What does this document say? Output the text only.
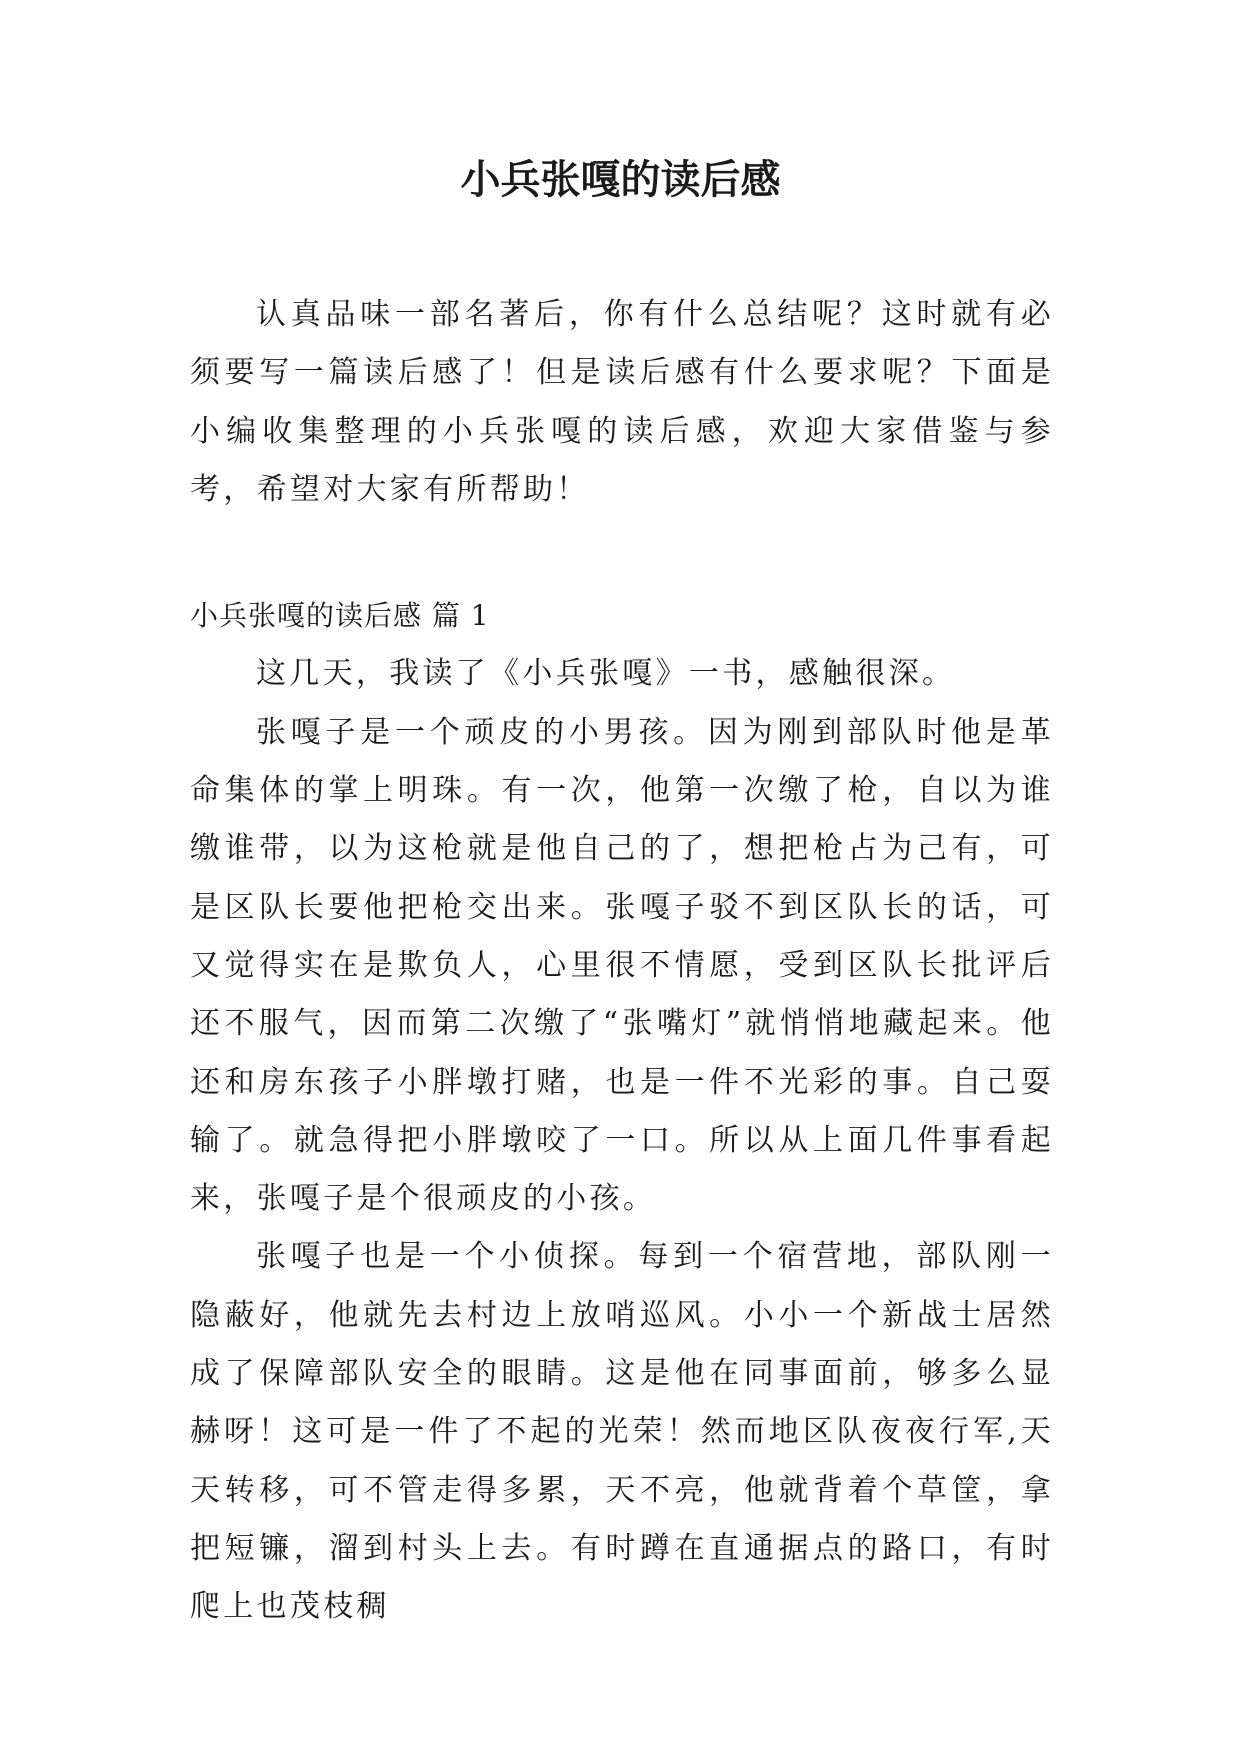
小兵张嘎的读后感

认真品味一部名著后，你有什么总结呢？这时就有必须要写一篇读后感了！但是读后感有什么要求呢？下面是小编收集整理的小兵张嘎的读后感，欢迎大家借鉴与参考，希望对大家有所帮助！

小兵张嘎的读后感 篇 1

这几天，我读了《小兵张嘎》一书，感触很深。

张嘎子是一个顽皮的小男孩。因为刚到部队时他是革命集体的掌上明珠。有一次，他第一次缴了枪，自以为谁缴谁带，以为这枪就是他自己的了，想把枪占为己有，可是区队长要他把枪交出来。张嘎子驳不到区队长的话，可又觉得实在是欺负人，心里很不情愿，受到区队长批评后还不服气，因而第二次缴了“张嘴灯”就悄悄地藏起来。他还和房东孩子小胖墩打赌，也是一件不光彩的事。自己耍输了。就急得把小胖墩咬了一口。所以从上面几件事看起来，张嘎子是个很顽皮的小孩。

张嘎子也是一个小侦探。每到一个宿营地，部队刚一隐蔽好，他就先去村边上放哨巡风。小小一个新战士居然成了保障部队安全的眼睛。这是他在同事面前，够多么显赫呀！这可是一件了不起的光荣！然而地区队夜夜行军,天天转移，可不管走得多累，天不亮，他就背着个草筐，拿把短镰，溜到村头上去。有时蹲在直通据点的路口，有时爬上也茂枝稠
